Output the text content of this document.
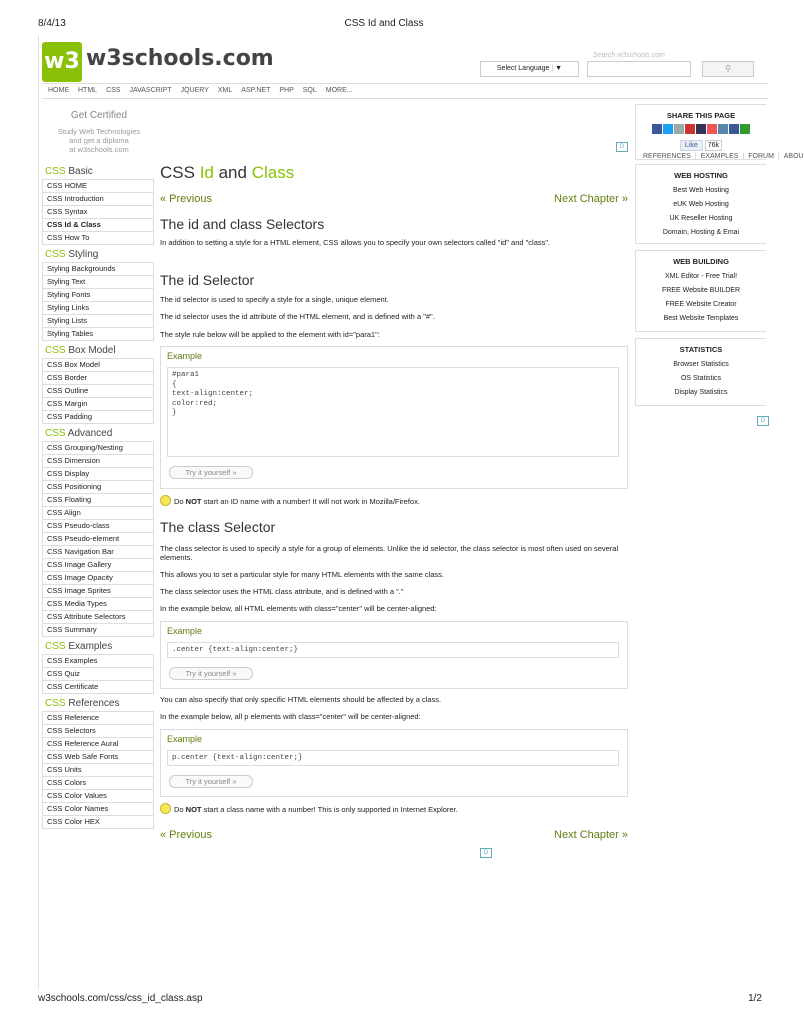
8/4/13	CSS Id and Class
w3 w3schools.com	Search w3schools.com
Select Language | ▼	⚲
HOME HTML CSS JAVASCRIPT JQUERY XML ASP.NET PHP SQL MORE...
REFERENCES | EXAMPLES | FORUM | ABOU
Get Certified
Study Web Technologies
and get a diploma
at w3schools.com
CSS Basic
CSS HOME
CSS Introduction
CSS Syntax
CSS Id & Class
CSS How To
CSS Styling
Styling Backgrounds
Styling Text
Styling Fonts
Styling Links
Styling Lists
Styling Tables
CSS Box Model
CSS Box Model
CSS Border
CSS Outline
CSS Margin
CSS Padding
CSS Advanced
CSS Grouping/Nesting
CSS Dimension
CSS Display
CSS Positioning
CSS Floating
CSS Align
CSS Pseudo-class
CSS Pseudo-element
CSS Navigation Bar
CSS Image Gallery
CSS Image Opacity
CSS Image Sprites
CSS Media Types
CSS Attribute Selectors
CSS Summary
CSS Examples
CSS Examples
CSS Quiz
CSS Certificate
CSS References
CSS Reference
CSS Selectors
CSS Reference Aural
CSS Web Safe Fonts
CSS Units
CSS Colors
CSS Color Values
CSS Color Names
CSS Color HEX
D
CSS Id and Class
« Previous	Next Chapter »
The id and class Selectors

In addition to setting a style for a HTML element, CSS allows you to specify your own selectors called "id" and "class".

The id Selector

The id selector is used to specify a style for a single, unique element.

The id selector uses the id attribute of the HTML element, and is defined with a "#".

The style rule below will be applied to the element with id="para1":

Example
#para1
{
text-align:center;
color:red;
}
Try it yourself »
Do NOT start an ID name with a number! It will not work in Mozilla/Firefox.
The class Selector

The class selector is used to specify a style for a group of elements. Unlike the id selector, the class selector is most often used on several elements.

This allows you to set a particular style for many HTML elements with the same class.

The class selector uses the HTML class attribute, and is defined with a "."

In the example below, all HTML elements with class="center" will be center-aligned:

Example
.center {text-align:center;}
Try it yourself »

You can also specify that only specific HTML elements should be affected by a class.

In the example below, all p elements with class="center" will be center-aligned:

Example
p.center {text-align:center;}
Try it yourself »
Do NOT start a class name with a number! This is only supported in Internet Explorer.
« Previous	Next Chapter »
D
SHARE THIS PAGE
Like 76k
WEB HOSTING
Best Web Hosting
eUK Web Hosting
UK Reseller Hosting
Domain, Hosting & Emai
WEB BUILDING
XML Editor - Free Trial!
FREE Website BUILDER
FREE Website Creator
Best Website Templates
STATISTICS
Browser Statistics
OS Statistics
Display Statistics
D
w3schools.com/css/css_id_class.asp	1/2
